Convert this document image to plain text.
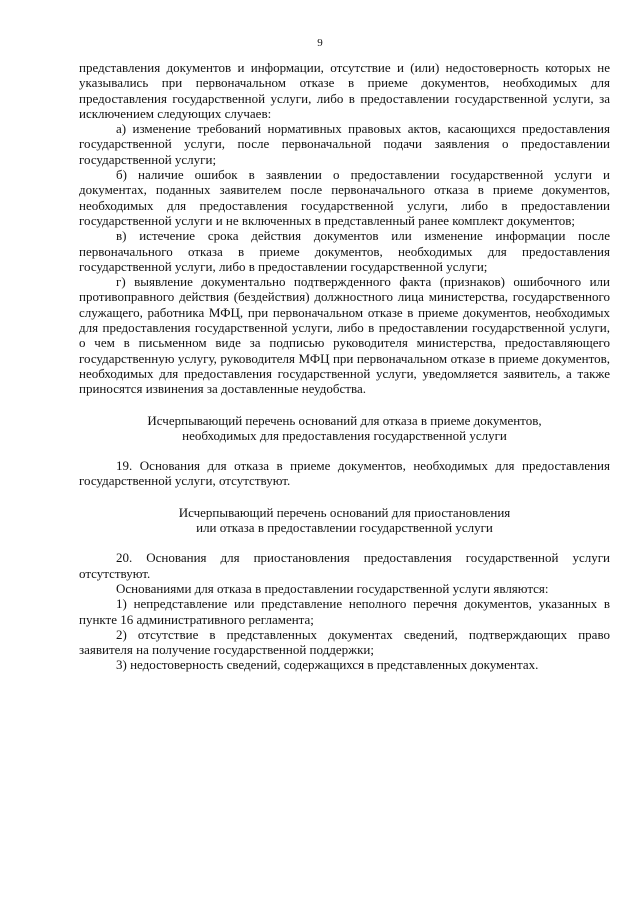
9

представления документов и информации, отсутствие и (или) недостоверность которых не указывались при первоначальном отказе в приеме документов, необходимых для предоставления государственной услуги, либо в предоставлении государственной услуги, за исключением следующих случаев:

а) изменение требований нормативных правовых актов, касающихся предоставления государственной услуги, после первоначальной подачи заявления о предоставлении государственной услуги;

б) наличие ошибок в заявлении о предоставлении государственной услуги и документах, поданных заявителем после первоначального отказа в приеме документов, необходимых для предоставления государственной услуги, либо в предоставлении государственной услуги и не включенных в представленный ранее комплект документов;

в) истечение срока действия документов или изменение информации после первоначального отказа в приеме документов, необходимых для предоставления государственной услуги, либо в предоставлении государственной услуги;

г) выявление документально подтвержденного факта (признаков) ошибочного или противоправного действия (бездействия) должностного лица министерства, государственного служащего, работника МФЦ, при первоначальном отказе в приеме документов, необходимых для предоставления государственной услуги, либо в предоставлении государственной услуги, о чем в письменном виде за подписью руководителя министерства, предоставляющего государственную услугу, руководителя МФЦ при первоначальном отказе в приеме документов, необходимых для предоставления государственной услуги, уведомляется заявитель, а также приносятся извинения за доставленные неудобства.

Исчерпывающий перечень оснований для отказа в приеме документов,
необходимых для предоставления государственной услуги

19. Основания для отказа в приеме документов, необходимых для предоставления государственной услуги, отсутствуют.

Исчерпывающий перечень оснований для приостановления
или отказа в предоставлении государственной услуги

20. Основания для приостановления предоставления государственной услуги отсутствуют.

Основаниями для отказа в предоставлении государственной услуги являются:

1) непредставление или представление неполного перечня документов, указанных в пункте 16 административного регламента;

2) отсутствие в представленных документах сведений, подтверждающих право заявителя на получение государственной поддержки;

3) недостоверность сведений, содержащихся в представленных документах.
